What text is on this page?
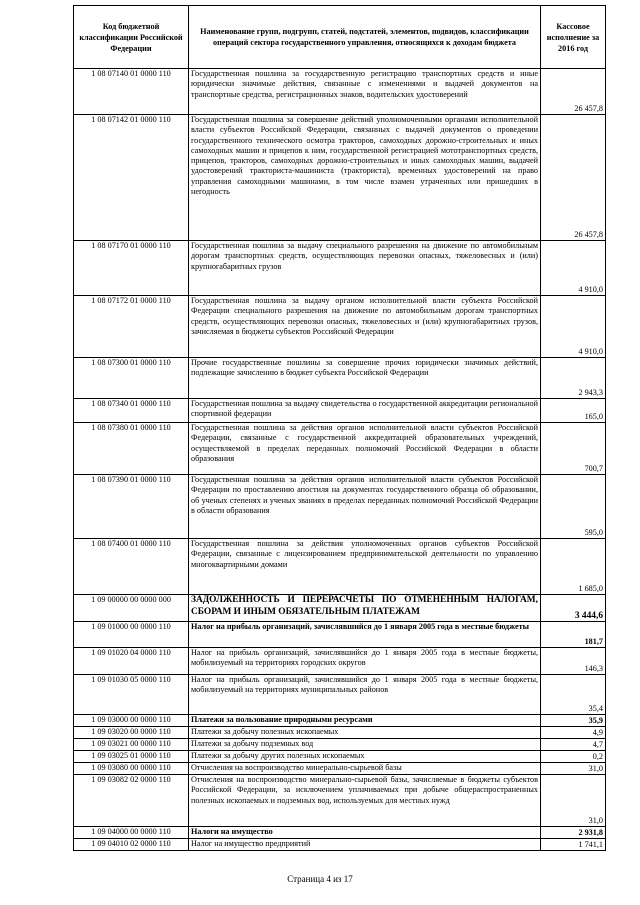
Код бюджетной классификации Российской Федерации	Наименование групп, подгрупп, статей, подстатей, элементов, подвидов, классификации операций сектора государственного управления, относящихся к доходам бюджета	Кассовое исполнение за 2016 год
1 08 07140 01 0000 110	Государственная пошлина за государственную регистрацию транспортных средств и иные юридически значимые действия, связанные с изменениями и выдачей документов на транспортные средства, регистрационных знаков, водительских удостоверений	26 457,8
1 08 07142 01 0000 110	Государственная пошлина за совершение действий уполномоченными органами исполнительной власти субъектов Российской Федерации, связанных с выдачей документов о проведении государственного технического осмотра тракторов, самоходных дорожно-строительных и иных самоходных машин и прицепов к ним, государственной регистрацией мототранспортных средств, прицепов, тракторов, самоходных дорожно-строительных и иных самоходных машин, выдачей удостоверений тракториста-машиниста (тракториста), временных удостоверений на право управления самоходными машинами, в том числе взамен утраченных или пришедших в негодность	26 457,8
1 08 07170 01 0000 110	Государственная пошлина за выдачу специального разрешения на движение по автомобильным дорогам транспортных средств, осуществляющих перевозки опасных, тяжеловесных и (или) крупногабаритных грузов	4 910,0
1 08 07172 01 0000 110	Государственная пошлина за выдачу органом исполнительной власти субъекта Российской Федерации специального разрешения на движение по автомобильным дорогам транспортных средств, осуществляющих перевозки опасных, тяжеловесных и (или) крупногабаритных грузов, зачисляемая в бюджеты субъектов Российской Федерации	4 910,0
1 08 07300 01 0000 110	Прочие государственные пошлины за совершение прочих юридически значимых действий, подлежащие зачислению в бюджет субъекта Российской Федерации	2 943,3
1 08 07340 01 0000 110	Государственная пошлина за выдачу свидетельства о государственной аккредитации региональной спортивной федерации	165,0
1 08 07380 01 0000 110	Государственная пошлина за действия органов исполнительной власти субъектов Российской Федерации, связанные с государственной аккредитацией образовательных учреждений, осуществляемой в пределах переданных полномочий Российской Федерации в области образования	700,7
1 08 07390 01 0000 110	Государственная пошлина за действия органов исполнительной власти субъектов Российской Федерации по проставлению апостиля на документах государственного образца об образовании, об ученых степенях и ученых званиях в пределах переданных полномочий Российской Федерации в области образования	595,0
1 08 07400 01 0000 110	Государственная пошлина за действия уполномоченных органов субъектов Российской Федерации, связанные с лицензированием предпринимательской деятельности по управлению многоквартирными домами	1 685,0
1 09 00000 00 0000 000	ЗАДОЛЖЕННОСТЬ И ПЕРЕРАСЧЕТЫ ПО ОТМЕНЕННЫМ НАЛОГАМ, СБОРАМ И ИНЫМ ОБЯЗАТЕЛЬНЫМ ПЛАТЕЖАМ	3 444,6
1 09 01000 00 0000 110	Налог на прибыль организаций, зачислявшийся до 1 января 2005 года в местные бюджеты	181,7
1 09 01020 04 0000 110	Налог на прибыль организаций, зачислявшийся до 1 января 2005 года в местные бюджеты, мобилизуемый на территориях городских округов	146,3
1 09 01030 05 0000 110	Налог на прибыль организаций, зачислявшийся до 1 января 2005 года в местные бюджеты, мобилизуемый на территориях муниципальных районов	35,4
1 09 03000 00 0000 110	Платежи за пользование природными ресурсами	35,9
1 09 03020 00 0000 110	Платежи за добычу полезных ископаемых	4,9
1 09 03021 00 0000 110	Платежи за добычу подземных вод	4,7
1 09 03025 01 0000 110	Платежи за добычу других полезных ископаемых	0,2
1 09 03080 00 0000 110	Отчисления на воспроизводство минерально-сырьевой базы	31,0
1 09 03082 02 0000 110	Отчисления на воспроизводство минерально-сырьевой базы, зачисляемые в бюджеты субъектов Российской Федерации, за исключением уплачиваемых при добыче общераспространенных полезных ископаемых и подземных вод, используемых для местных нужд	31,0
1 09 04000 00 0000 110	Налоги на имущество	2 931,8
1 09 04010 02 0000 110	Налог на имущество предприятий	1 741,1
Страница 4 из 17
